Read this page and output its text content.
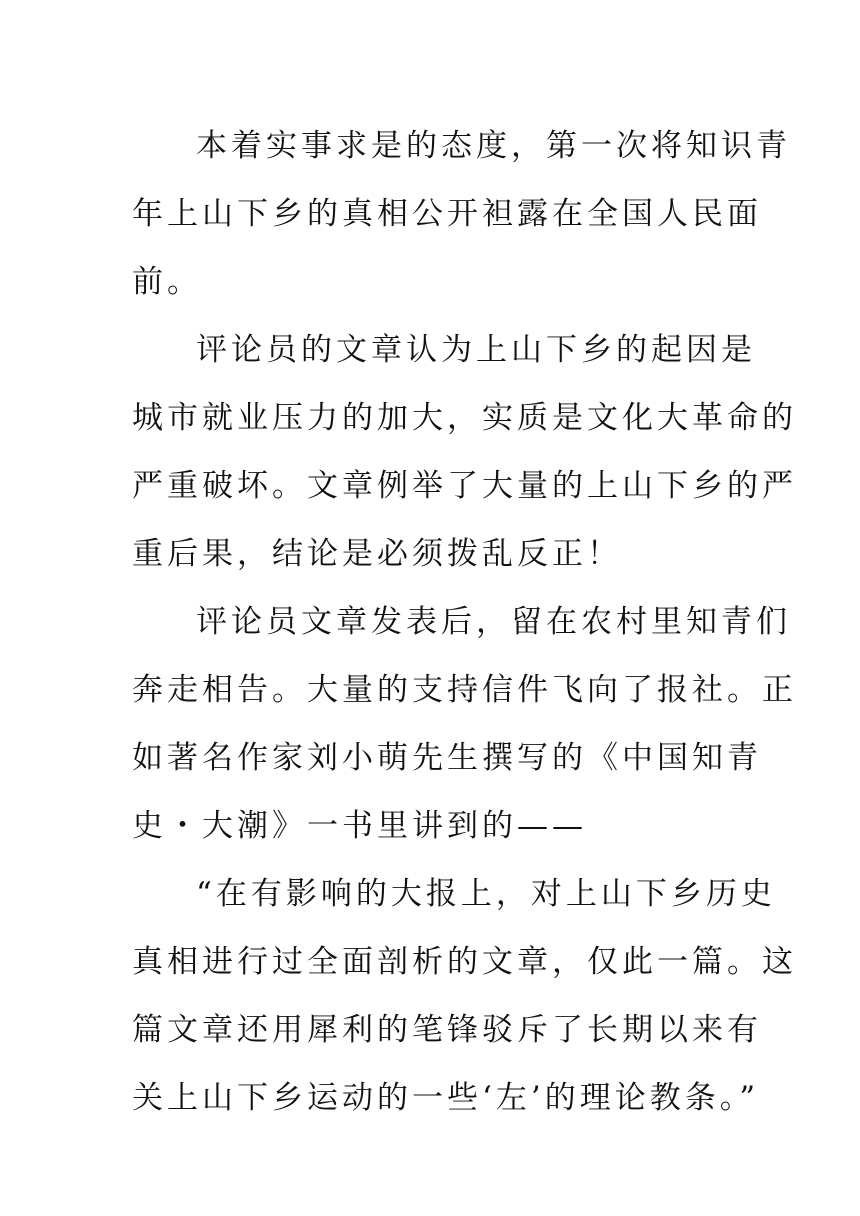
本着实事求是的态度，第一次将知识青
年上山下乡的真相公开袒露在全国人民面
前。

评论员的文章认为上山下乡的起因是
城市就业压力的加大，实质是文化大革命的
严重破坏。文章例举了大量的上山下乡的严
重后果，结论是必须拨乱反正！

评论员文章发表后，留在农村里知青们
奔走相告。大量的支持信件飞向了报社。正
如著名作家刘小萌先生撰写的《中国知青
史・大潮》一书里讲到的——

“在有影响的大报上，对上山下乡历史
真相进行过全面剖析的文章，仅此一篇。这
篇文章还用犀利的笔锋驳斥了长期以来有
关上山下乡运动的一些‘左’的理论教条。”
